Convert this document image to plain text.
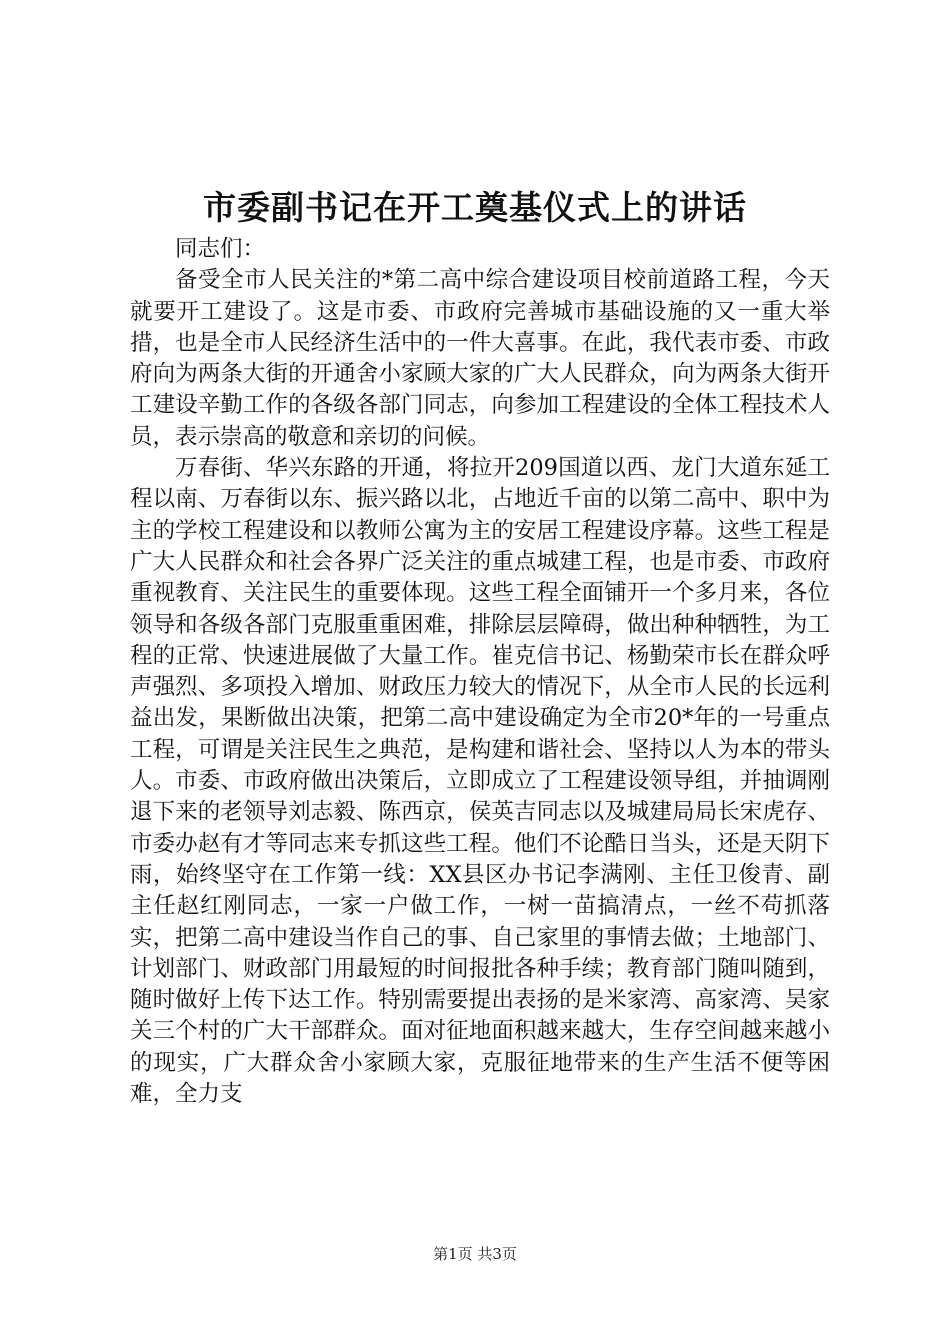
市委副书记在开工奠基仪式上的讲话

同志们：

备受全市人民关注的*第二高中综合建设项目校前道路工程，今天就要开工建设了。这是市委、市政府完善城市基础设施的又一重大举措，也是全市人民经济生活中的一件大喜事。在此，我代表市委、市政府向为两条大街的开通舍小家顾大家的广大人民群众，向为两条大街开工建设辛勤工作的各级各部门同志，向参加工程建设的全体工程技术人员，表示崇高的敬意和亲切的问候。

万春街、华兴东路的开通，将拉开209国道以西、龙门大道东延工程以南、万春街以东、振兴路以北，占地近千亩的以第二高中、职中为主的学校工程建设和以教师公寓为主的安居工程建设序幕。这些工程是广大人民群众和社会各界广泛关注的重点城建工程，也是市委、市政府重视教育、关注民生的重要体现。这些工程全面铺开一个多月来，各位领导和各级各部门克服重重困难，排除层层障碍，做出种种牺牲，为工程的正常、快速进展做了大量工作。崔克信书记、杨勤荣市长在群众呼声强烈、多项投入增加、财政压力较大的情况下，从全市人民的长远利益出发，果断做出决策，把第二高中建设确定为全市20*年的一号重点工程，可谓是关注民生之典范，是构建和谐社会、坚持以人为本的带头人。市委、市政府做出决策后，立即成立了工程建设领导组，并抽调刚退下来的老领导刘志毅、陈西京，侯英吉同志以及城建局局长宋虎存、市委办赵有才等同志来专抓这些工程。他们不论酷日当头，还是天阴下雨，始终坚守在工作第一线：XX县区办书记李满刚、主任卫俊青、副主任赵红刚同志，一家一户做工作，一树一苗搞清点，一丝不苟抓落实，把第二高中建设当作自己的事、自己家里的事情去做；土地部门、计划部门、财政部门用最短的时间报批各种手续；教育部门随叫随到，随时做好上传下达工作。特别需要提出表扬的是米家湾、高家湾、吴家关三个村的广大干部群众。面对征地面积越来越大，生存空间越来越小的现实，广大群众舍小家顾大家，克服征地带来的生产生活不便等困难，全力支

第1页 共3页
